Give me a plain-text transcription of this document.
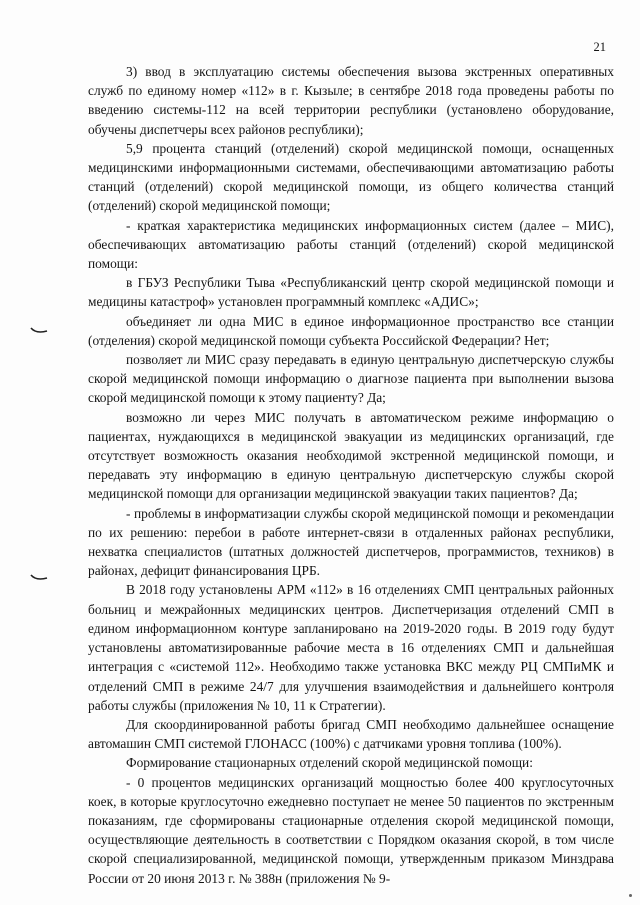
21

3) ввод в эксплуатацию системы обеспечения вызова экстренных оперативных служб по единому номер «112» в г. Кызыле; в сентябре 2018 года проведены работы по введению системы-112 на всей территории республики (установлено оборудование, обучены диспетчеры всех районов республики);

5,9 процента станций (отделений) скорой медицинской помощи, оснащенных медицинскими информационными системами, обеспечивающими автоматизацию работы станций (отделений) скорой медицинской помощи, из общего количества станций (отделений) скорой медицинской помощи;

- краткая характеристика медицинских информационных систем (далее – МИС), обеспечивающих автоматизацию работы станций (отделений) скорой медицинской помощи:

в ГБУЗ Республики Тыва «Республиканский центр скорой медицинской помощи и медицины катастроф» установлен программный комплекс «АДИС»;

объединяет ли одна МИС в единое информационное пространство все станции (отделения) скорой медицинской помощи субъекта Российской Федерации? Нет;

позволяет ли МИС сразу передавать в единую центральную диспетчерскую службы скорой медицинской помощи информацию о диагнозе пациента при выполнении вызова скорой медицинской помощи к этому пациенту? Да;

возможно ли через МИС получать в автоматическом режиме информацию о пациентах, нуждающихся в медицинской эвакуации из медицинских организаций, где отсутствует возможность оказания необходимой экстренной медицинской помощи, и передавать эту информацию в единую центральную диспетчерскую службы скорой медицинской помощи для организации медицинской эвакуации таких пациентов? Да;

- проблемы в информатизации службы скорой медицинской помощи и рекомендации по их решению: перебои в работе интернет-связи в отдаленных районах республики, нехватка специалистов (штатных должностей диспетчеров, программистов, техников) в районах, дефицит финансирования ЦРБ.

В 2018 году установлены АРМ «112» в 16 отделениях СМП центральных районных больниц и межрайонных медицинских центров. Диспетчеризация отделений СМП в едином информационном контуре запланировано на 2019-2020 годы. В 2019 году будут установлены автоматизированные рабочие места в 16 отделениях СМП и дальнейшая интеграция с «системой 112». Необходимо также установка ВКС между РЦ СМПиМК и отделений СМП в режиме 24/7 для улучшения взаимодействия и дальнейшего контроля работы службы (приложения № 10, 11 к Стратегии).

Для скоординированной работы бригад СМП необходимо дальнейшее оснащение автомашин СМП системой ГЛОНАСС (100%) с датчиками уровня топлива (100%).

Формирование стационарных отделений скорой медицинской помощи:

- 0 процентов медицинских организаций мощностью более 400 круглосуточных коек, в которые круглосуточно ежедневно поступает не менее 50 пациентов по экстренным показаниям, где сформированы стационарные отделения скорой медицинской помощи, осуществляющие деятельность в соответствии с Порядком оказания скорой, в том числе скорой специализированной, медицинской помощи, утвержденным приказом Минздрава России от 20 июня 2013 г. № 388н (приложения № 9-
